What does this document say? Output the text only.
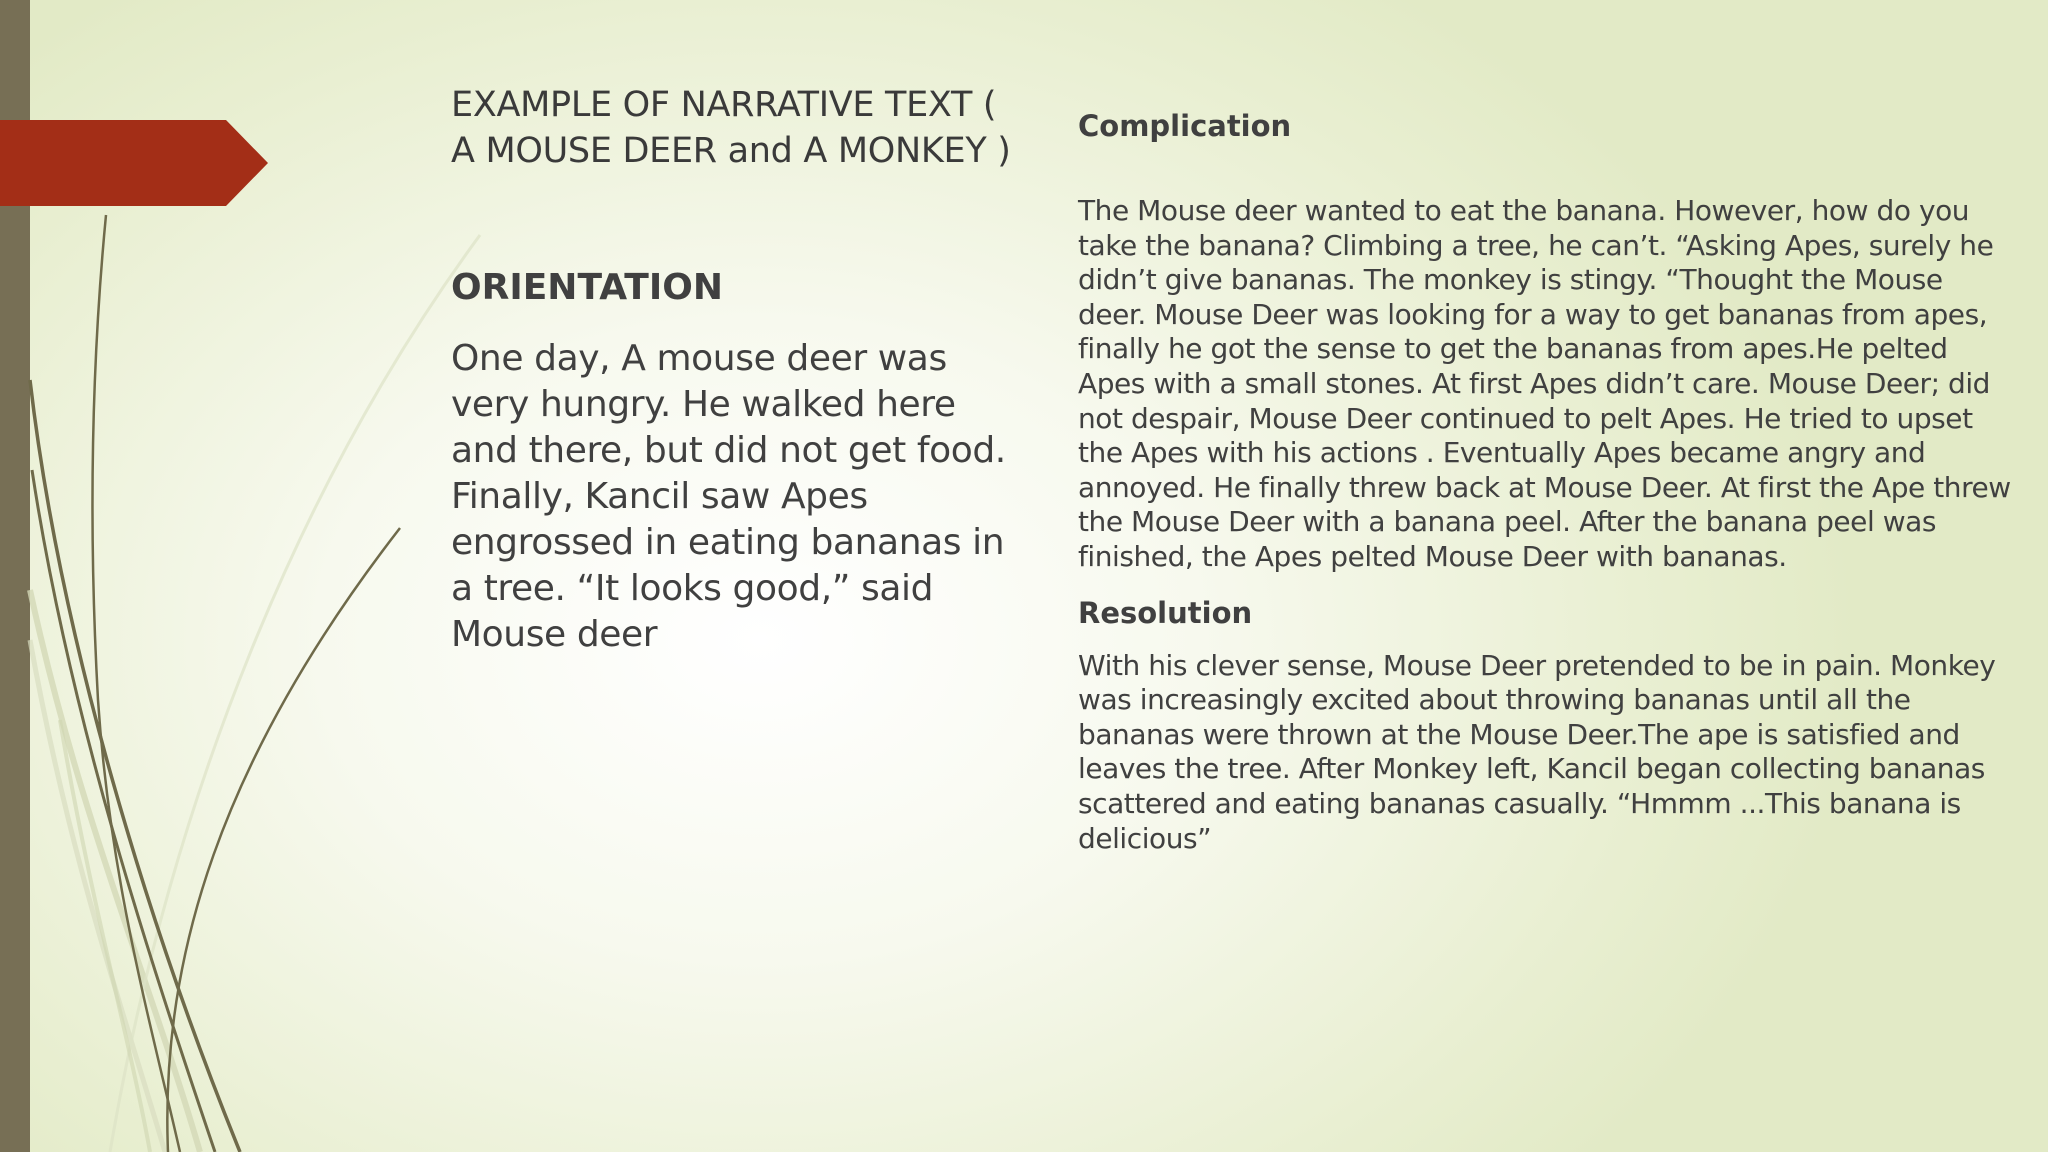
EXAMPLE OF NARRATIVE TEXT ( A MOUSE DEER and A MONKEY )
ORIENTATION

One day, A mouse deer was very hungry. He walked here and there, but did not get food. Finally, Kancil saw Apes engrossed in eating bananas in a tree. “It looks good,” said Mouse deer

Complication

The Mouse deer wanted to eat the banana. However, how do you take the banana? Climbing a tree, he can’t. “Asking Apes, surely he didn’t give bananas. The monkey is stingy. “Thought the Mouse deer. Mouse Deer was looking for a way to get bananas from apes, finally he got the sense to get the bananas from apes.He pelted Apes with a small stones. At first Apes didn’t care. Mouse Deer; did not despair, Mouse Deer continued to pelt Apes. He tried to upset the Apes with his actions . Eventually Apes became angry and annoyed. He finally threw back at Mouse Deer. At first the Ape threw the Mouse Deer with a banana peel. After the banana peel was finished, the Apes pelted Mouse Deer with bananas.

Resolution

With his clever sense, Mouse Deer pretended to be in pain. Monkey was increasingly excited about throwing bananas until all the bananas were thrown at the Mouse Deer.The ape is satisfied and leaves the tree. After Monkey left, Kancil began collecting bananas scattered and eating bananas casually. “Hmmm ...This banana is delicious”
